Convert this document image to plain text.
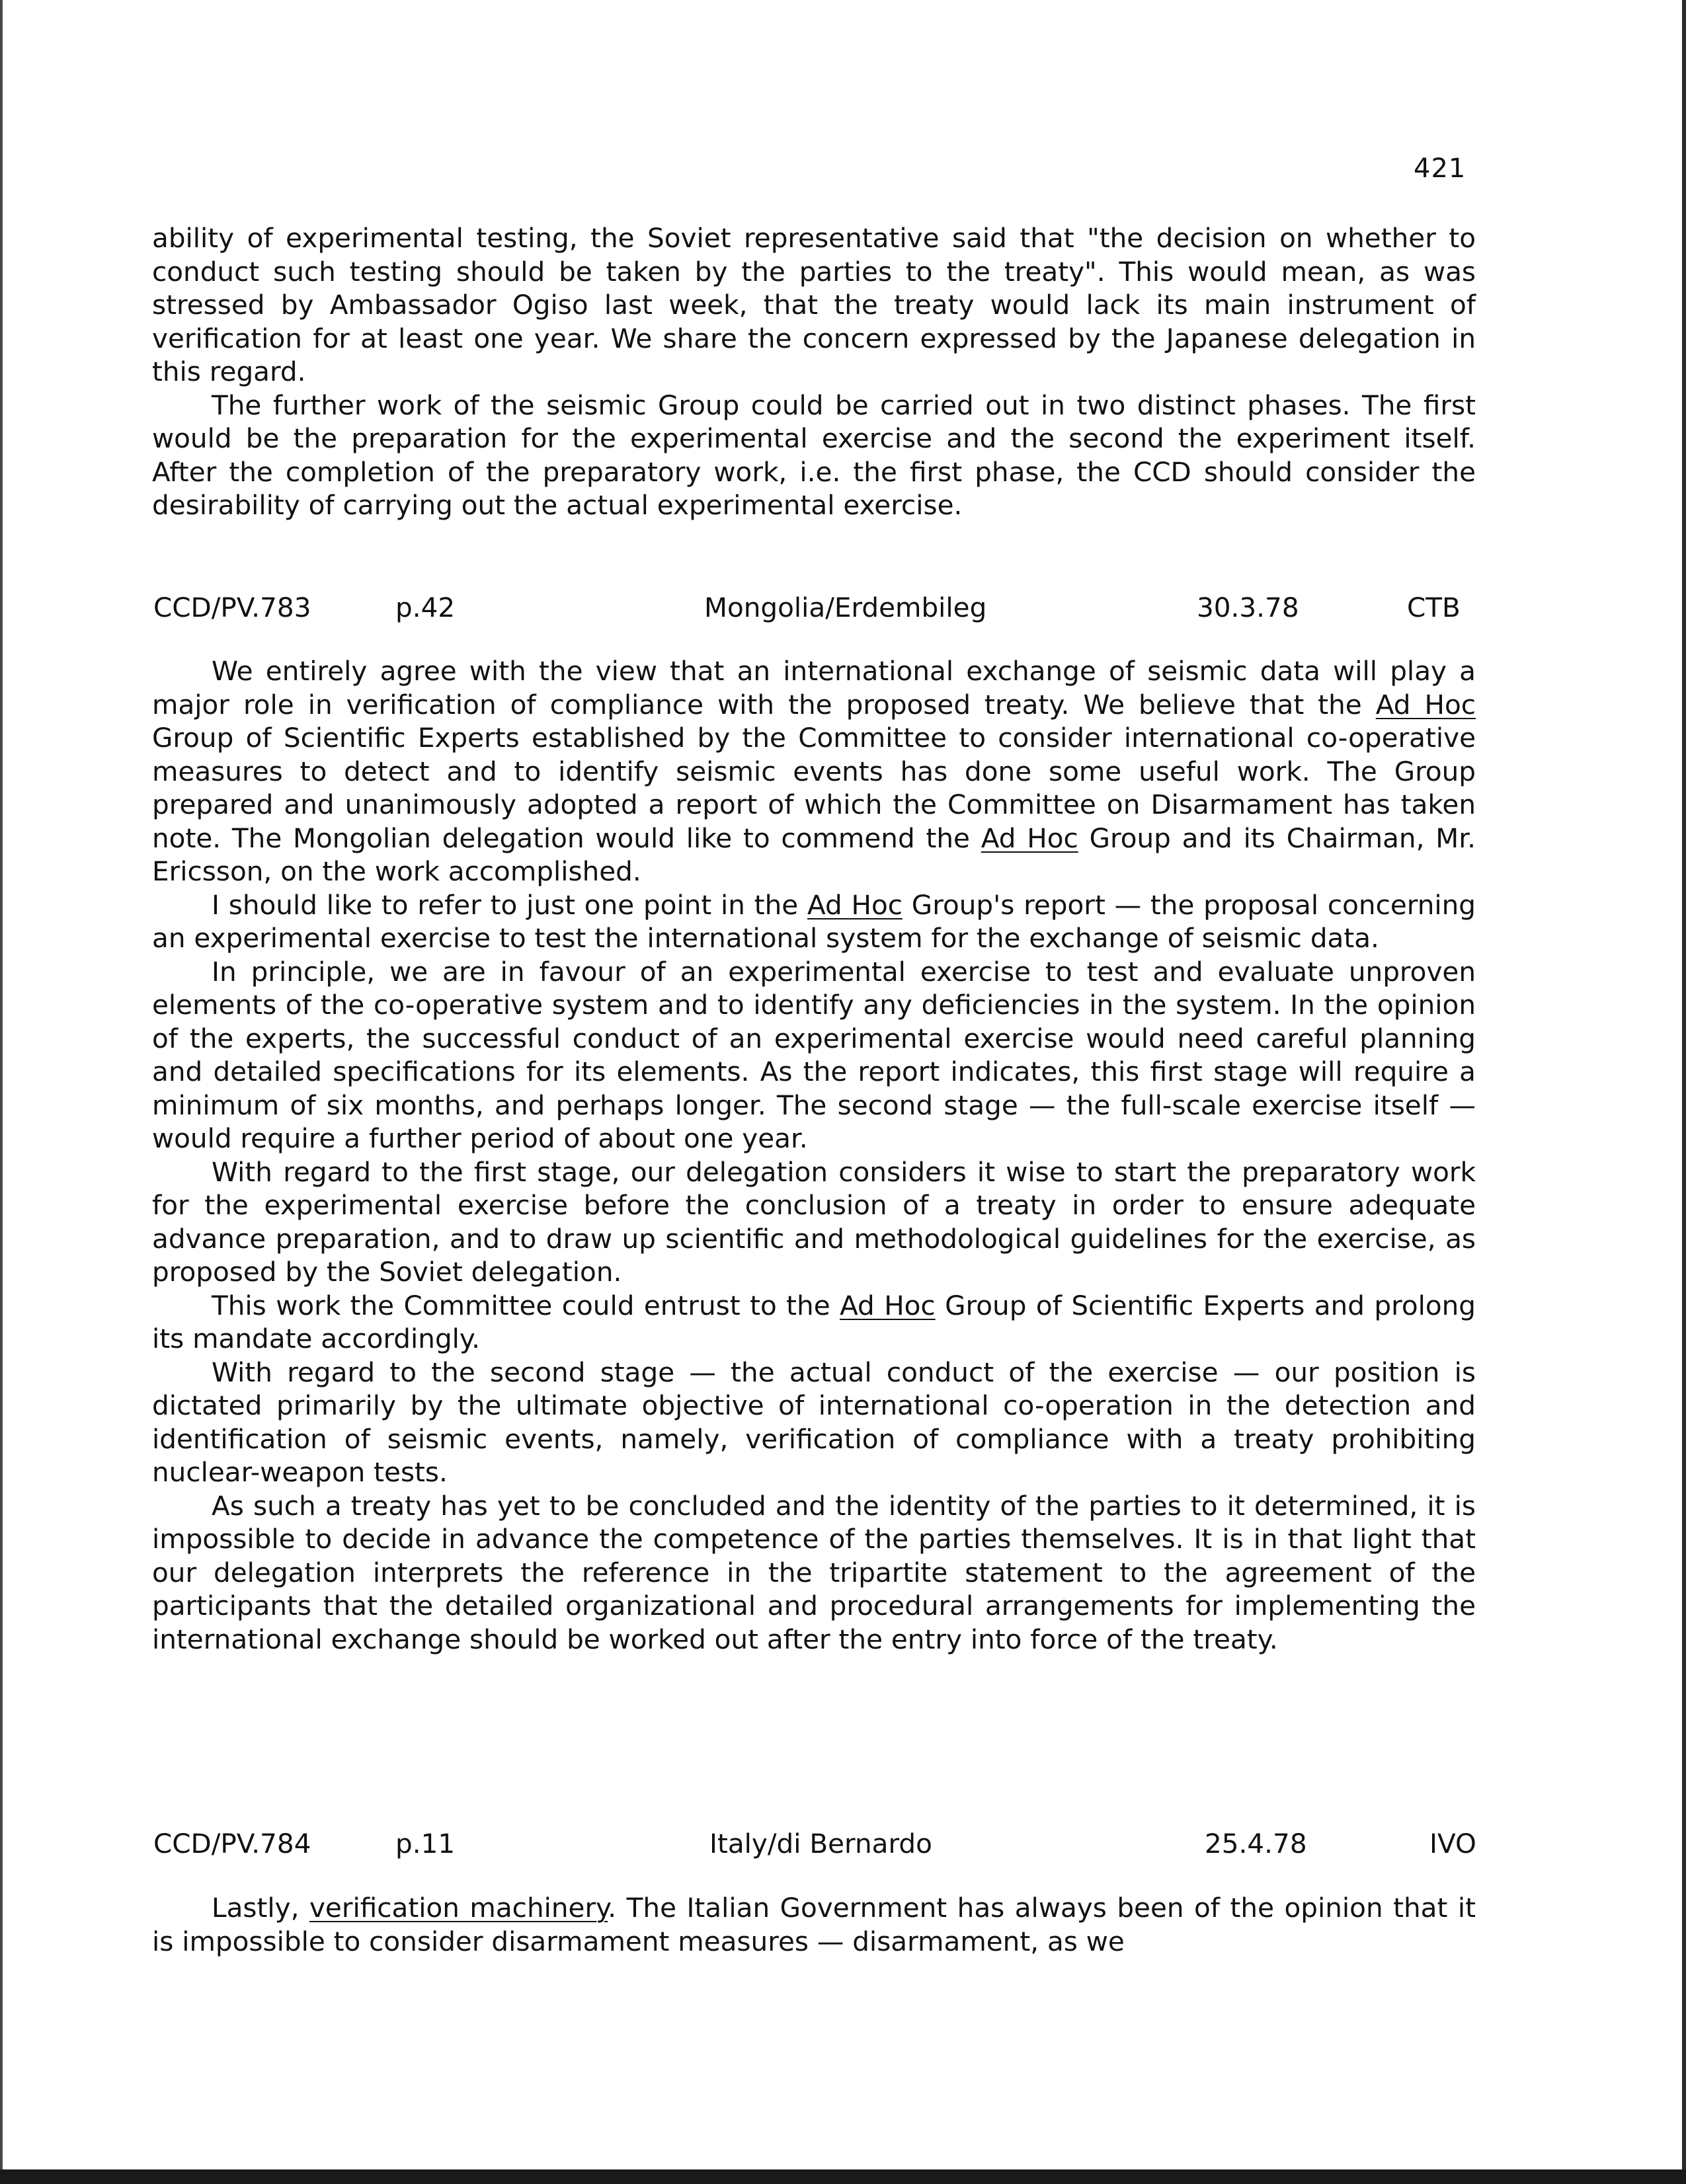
421

ability of experimental testing, the Soviet representative said that "the decision on whether to conduct such testing should be taken by the parties to the treaty". This would mean, as was stressed by Ambassador Ogiso last week, that the treaty would lack its main instrument of verification for at least one year. We share the concern expressed by the Japanese delegation in this regard.

The further work of the seismic Group could be carried out in two distinct phases. The first would be the preparation for the experimental exercise and the second the experiment itself. After the completion of the preparatory work, i.e. the first phase, the CCD should consider the desirability of carrying out the actual experimental exercise.

CCD/PV.783	p.42	Mongolia/Erdembileg	30.3.78	CTB

We entirely agree with the view that an international exchange of seismic data will play a major role in verification of compliance with the proposed treaty. We believe that the Ad Hoc Group of Scientific Experts established by the Committee to consider international co-operative measures to detect and to identify seismic events has done some useful work. The Group prepared and unanimously adopted a report of which the Committee on Disarmament has taken note. The Mongolian delegation would like to commend the Ad Hoc Group and its Chairman, Mr. Ericsson, on the work accomplished.

I should like to refer to just one point in the Ad Hoc Group's report — the proposal concerning an experimental exercise to test the international system for the exchange of seismic data.

In principle, we are in favour of an experimental exercise to test and evaluate unproven elements of the co-operative system and to identify any deficiencies in the system. In the opinion of the experts, the successful conduct of an experimental exercise would need careful planning and detailed specifications for its elements. As the report indicates, this first stage will require a minimum of six months, and perhaps longer. The second stage — the full-scale exercise itself — would require a further period of about one year.

With regard to the first stage, our delegation considers it wise to start the preparatory work for the experimental exercise before the conclusion of a treaty in order to ensure adequate advance preparation, and to draw up scientific and methodological guidelines for the exercise, as proposed by the Soviet delegation.

This work the Committee could entrust to the Ad Hoc Group of Scientific Experts and prolong its mandate accordingly.

With regard to the second stage — the actual conduct of the exercise — our position is dictated primarily by the ultimate objective of international co-operation in the detection and identification of seismic events, namely, verification of compliance with a treaty prohibiting nuclear-weapon tests.

As such a treaty has yet to be concluded and the identity of the parties to it determined, it is impossible to decide in advance the competence of the parties themselves. It is in that light that our delegation interprets the reference in the tripartite statement to the agreement of the participants that the detailed organizational and procedural arrangements for implementing the international exchange should be worked out after the entry into force of the treaty.

CCD/PV.784	p.11	Italy/di Bernardo	25.4.78	IVO

Lastly, verification machinery. The Italian Government has always been of the opinion that it is impossible to consider disarmament measures — disarmament, as we
